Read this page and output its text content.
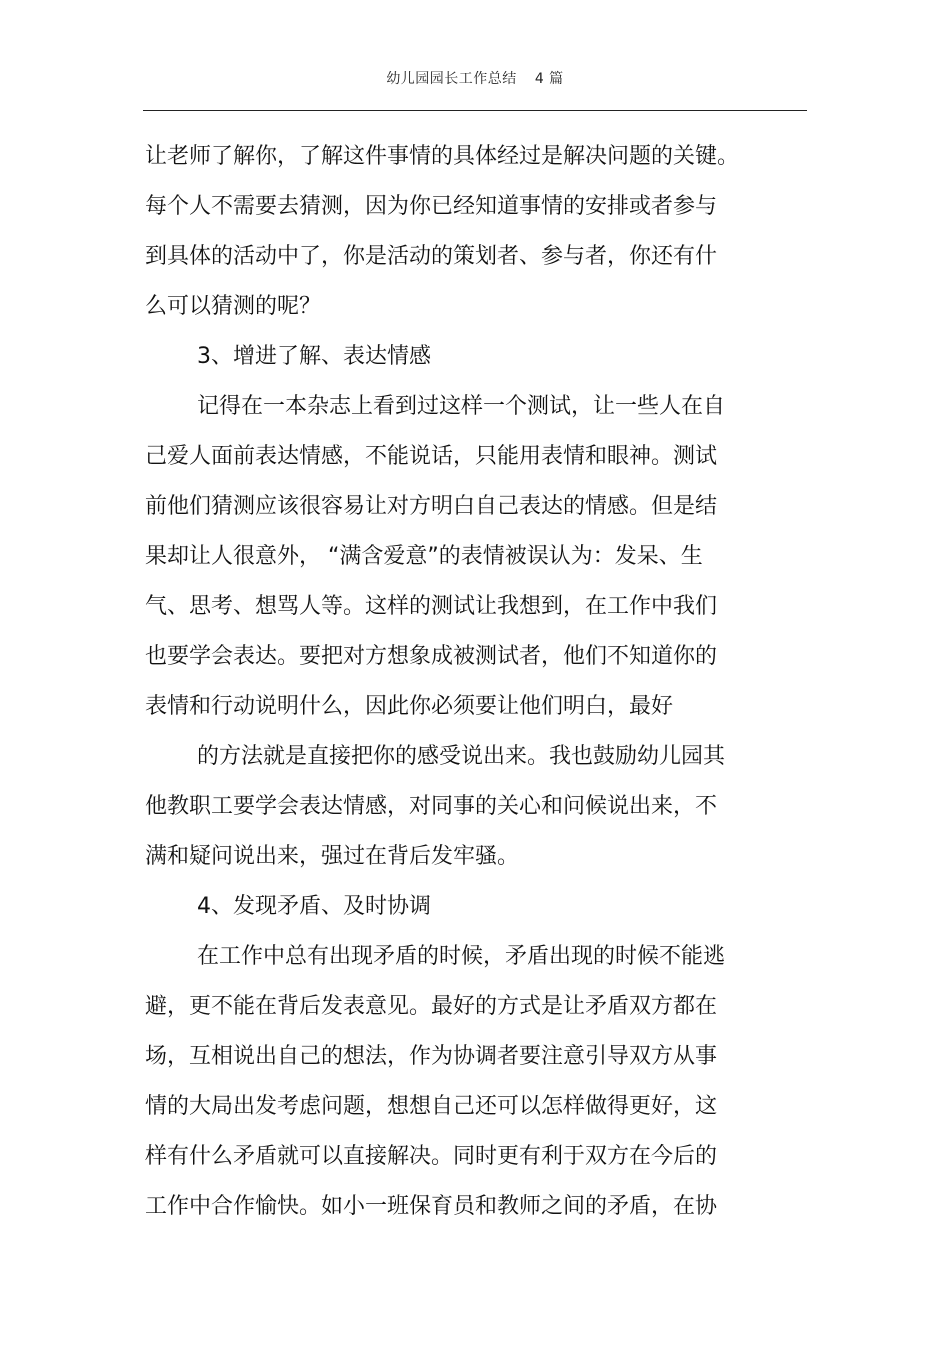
幼儿园园长工作总结 4 篇
让老师了解你，了解这件事情的具体经过是解决问题的关键。
每个人不需要去猜测，因为你已经知道事情的安排或者参与
到具体的活动中了，你是活动的策划者、参与者，你还有什
么可以猜测的呢？
3、增进了解、表达情感
记得在一本杂志上看到过这样一个测试，让一些人在自
己爱人面前表达情感，不能说话，只能用表情和眼神。测试
前他们猜测应该很容易让对方明白自己表达的情感。但是结
果却让人很意外， “满含爱意”的表情被误认为：发呆、生
气、思考、想骂人等。这样的测试让我想到，在工作中我们
也要学会表达。要把对方想象成被测试者，他们不知道你的
表情和行动说明什么，因此你必须要让他们明白，最好
的方法就是直接把你的感受说出来。我也鼓励幼儿园其
他教职工要学会表达情感，对同事的关心和问候说出来，不
满和疑问说出来，强过在背后发牢骚。
4、发现矛盾、及时协调
在工作中总有出现矛盾的时候，矛盾出现的时候不能逃
避，更不能在背后发表意见。最好的方式是让矛盾双方都在
场，互相说出自己的想法，作为协调者要注意引导双方从事
情的大局出发考虑问题，想想自己还可以怎样做得更好，这
样有什么矛盾就可以直接解决。同时更有利于双方在今后的
工作中合作愉快。如小一班保育员和教师之间的矛盾，在协
